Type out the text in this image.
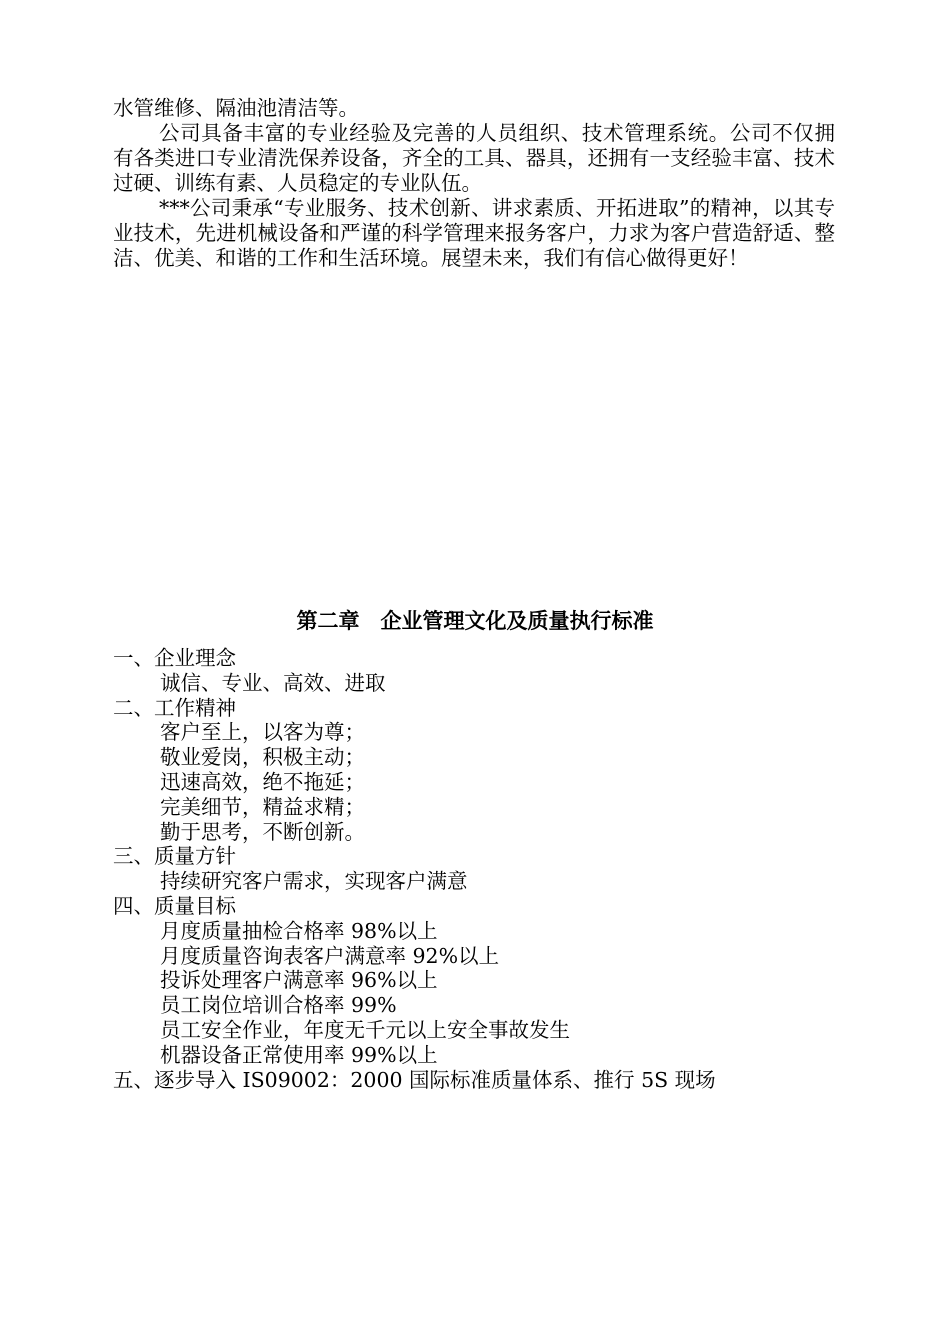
水管维修、隔油池清洁等。

公司具备丰富的专业经验及完善的人员组织、技术管理系统。公司不仅拥有各类进口专业清洗保养设备，齐全的工具、器具，还拥有一支经验丰富、技术过硬、训练有素、人员稳定的专业队伍。

***公司秉承“专业服务、技术创新、讲求素质、开拓进取”的精神，以其专业技术，先进机械设备和严谨的科学管理来报务客户，力求为客户营造舒适、整洁、优美、和谐的工作和生活环境。展望未来，我们有信心做得更好！

第二章　企业管理文化及质量执行标准
一、企业理念
诚信、专业、高效、进取
二、工作精神
客户至上，以客为尊；
敬业爱岗，积极主动；
迅速高效，绝不拖延；
完美细节，精益求精；
勤于思考，不断创新。
三、质量方针
持续研究客户需求，实现客户满意
四、质量目标
月度质量抽检合格率 98%以上
月度质量咨询表客户满意率 92%以上
投诉处理客户满意率 96%以上
员工岗位培训合格率 99%
员工安全作业，年度无千元以上安全事故发生
机器设备正常使用率 99%以上
五、逐步导入 IS09002：2000 国际标准质量体系、推行 5S 现场
